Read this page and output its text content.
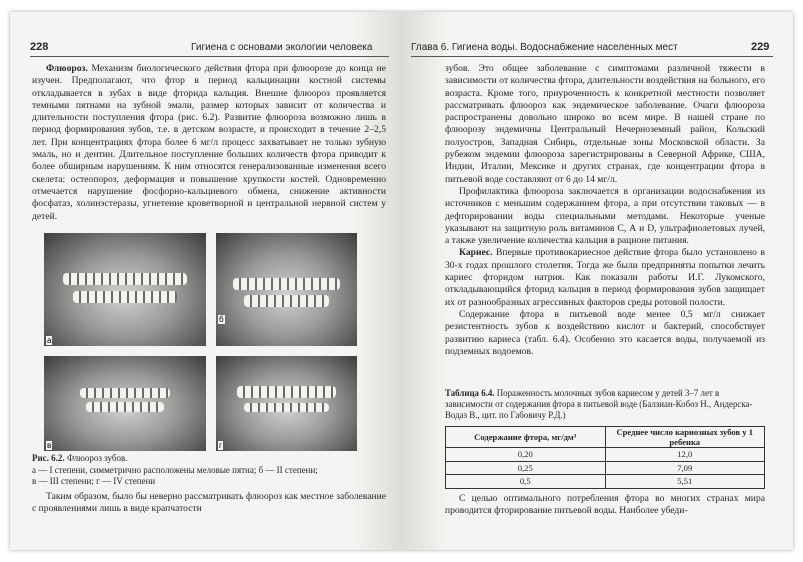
228	Гигиена с основами экологии человека

Флюороз. Механизм биологического действия фтора при флюорозе до конца не изучен. Предполагают, что фтор в период кальцинации костной системы откладывается в зубах в виде фторида кальция. Внешне флюороз проявляется темными пятнами на зубной эмали, размер которых зависит от количества и длительности поступления фтора (рис. 6.2). Развитие флюороза возможно лишь в период формирования зубов, т.е. в детском возрасте, и происходит в течение 2–2,5 лет. При концентрациях фтора более 6 мг/л процесс захватывает не только зубную эмаль, но и дентин. Длительное поступление больших количеств фтора приводит к более обширным нарушениям. К ним относятся генерализованные изменения всего скелета: остеопороз, деформация и повышение хрупкости костей. Одновременно отмечается нарушение фосфорно-кальциевого обмена, снижение активности фосфатаз, холинэстеразы, угнетение кроветворной и центральной нервной систем у детей.

а
б
в	г
Рис. 6.2. Флюороз зубов.
а — I степени, симметрично расположены меловые пятна; б — II степени;
в — III степени; г — IV степени

Таким образом, было бы неверно рассматривать флюороз как местное заболевание с проявлениями лишь в виде крапчатости

Глава 6. Гигиена воды. Водоснабжение населенных мест	229

зубов. Это общее заболевание с симптомами различной тяжести в зависимости от количества фтора, длительности воздействия на больного, его возраста. Кроме того, приуроченность к конкретной местности позволяет рассматривать флюороз как эндемическое заболевание. Очаги флюороза распространены довольно широко во всем мире. В нашей стране по флюорозу эндемичны Центральный Нечерноземный район, Кольский полуостров, Западная Сибирь, отдельные зоны Московской области. За рубежом эндемии флюороза зарегистрированы в Северной Африке, США, Индии, Италии, Мексике и других странах, где концентрации фтора в питьевой воде составляют от 6 до 14 мг/л.

Профилактика флюороза заключается в организации водоснабжения из источников с меньшим содержанием фтора, а при отсутствии таковых — в дефторировании воды специальными методами. Некоторые ученые указывают на защитную роль витаминов С, А и D, ультрафиолетовых лучей, а также увеличение количества кальция в рационе питания.

Кариес. Впервые противокариесное действие фтора было установлено в 30-х годах прошлого столетия. Тогда же были предприняты попытки лечить кариес фторидом натрия. Как показали работы И.Г. Лукомского, откладывающийся фторид кальция в период формирования зубов защищает их от разнообразных агрессивных факторов среды ротовой полости.

Содержание фтора в питьевой воде менее 0,5 мг/л снижает резистентность зубов к воздействию кислот и бактерий, способствует развитию кариеса (табл. 6.4). Особенно это касается воды, получаемой из подземных водоемов.

Таблица 6.4. Пораженность молочных зубов кариесом у детей 3–7 лет в зависимости от содержания фтора в питьевой воде (Балзиан-Кобоз Н., Андерска-Водаз В., цит. по Габовичу Р.Д.)
Содержание фтора, мг/дм³	Среднее число кариозных зубов у 1 ребенка
0,20	12,0
0,25	7,09
0,5	5,51

С целью оптимального потребления фтора во многих странах мира проводится фторирование питьевой воды. Наиболее убеди-
